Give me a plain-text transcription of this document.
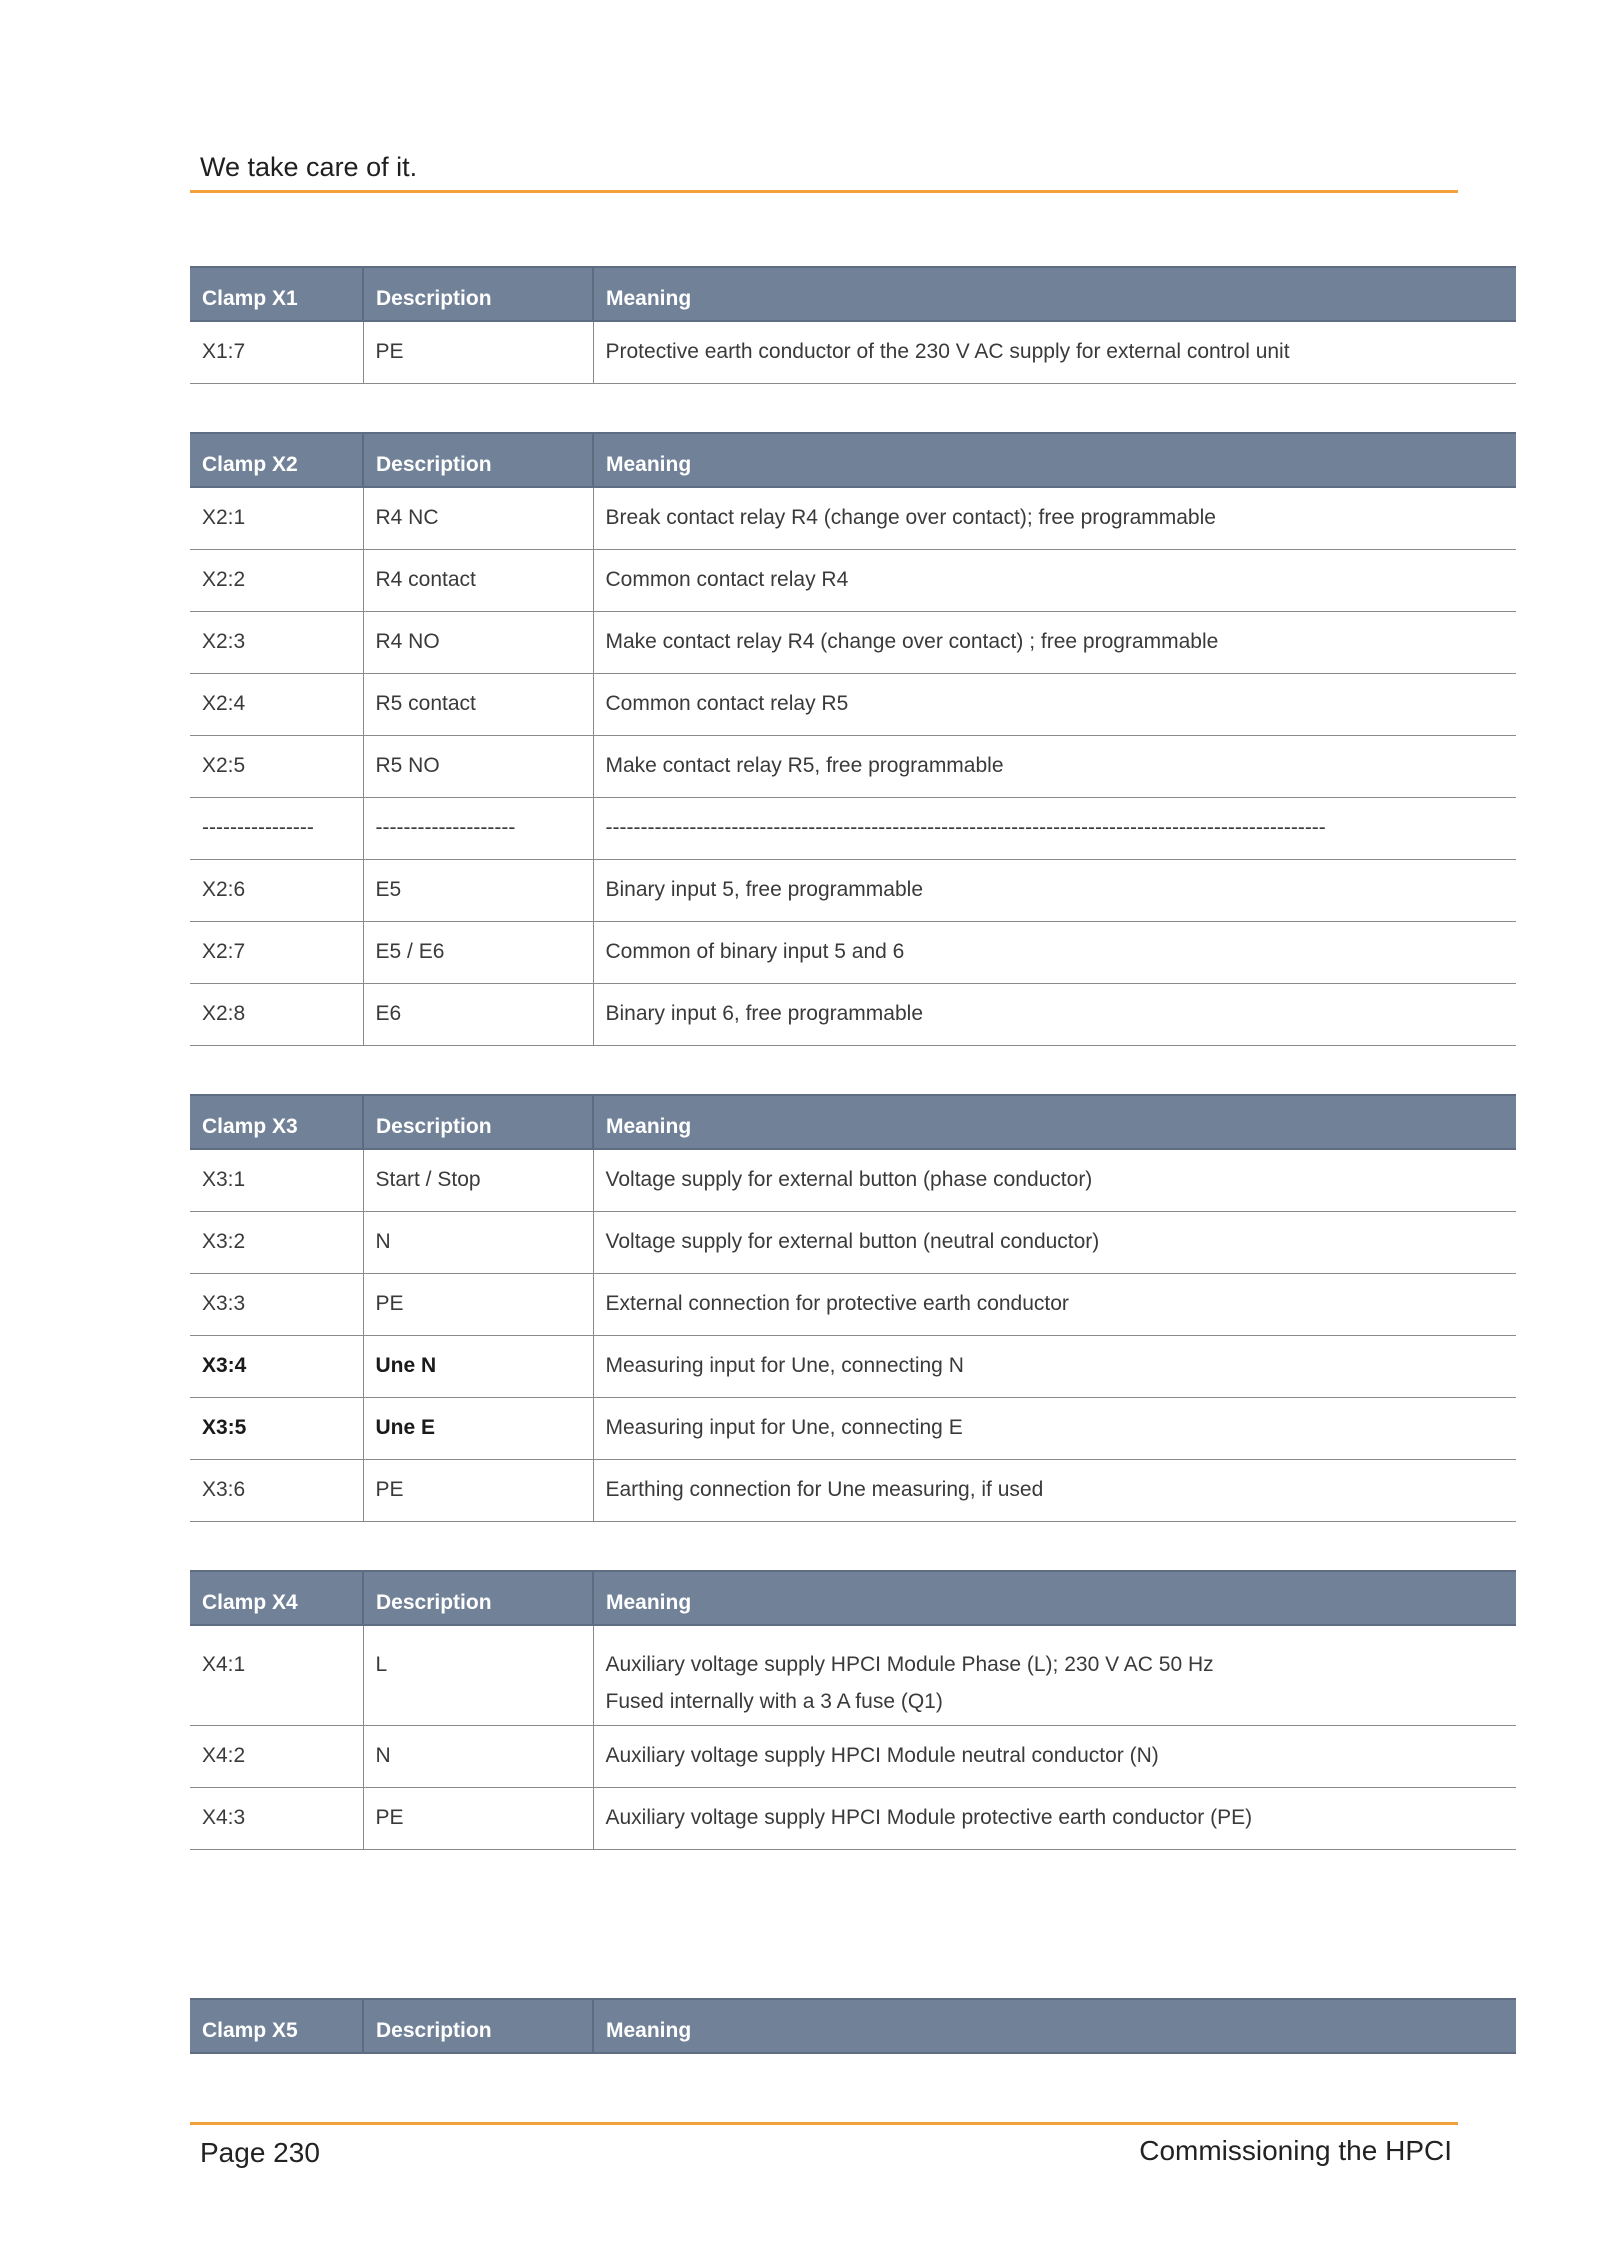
We take care of it.
Clamp X1	Description	Meaning
X1:7	PE	Protective earth conductor of the 230 V AC supply for external control unit
Clamp X2	Description	Meaning
X2:1	R4 NC	Break contact relay R4 (change over contact); free programmable
X2:2	R4 contact	Common contact relay R4
X2:3	R4 NO	Make contact relay R4 (change over contact) ; free programmable
X2:4	R5 contact	Common contact relay R5
X2:5	R5 NO	Make contact relay R5, free programmable
----------------	--------------------	-------------------------------------------------------------------------------------------------------
X2:6	E5	Binary input 5, free programmable
X2:7	E5 / E6	Common of binary input 5 and 6
X2:8	E6	Binary input 6, free programmable
Clamp X3	Description	Meaning
X3:1	Start / Stop	Voltage supply for external button (phase conductor)
X3:2	N	Voltage supply for external button (neutral conductor)
X3:3	PE	External connection for protective earth conductor
X3:4	Une N	Measuring input for Une, connecting N
X3:5	Une E	Measuring input for Une, connecting E
X3:6	PE	Earthing connection for Une measuring, if used
Clamp X4	Description	Meaning
X4:1	L	Auxiliary voltage supply HPCI Module Phase (L); 230 V AC 50 Hz
Fused internally with a 3 A fuse (Q1)

X4:2	N	Auxiliary voltage supply HPCI Module neutral conductor (N)
X4:3	PE	Auxiliary voltage supply HPCI Module protective earth conductor (PE)
Clamp X5	Description	Meaning
Page 230	Commissioning the HPCI
